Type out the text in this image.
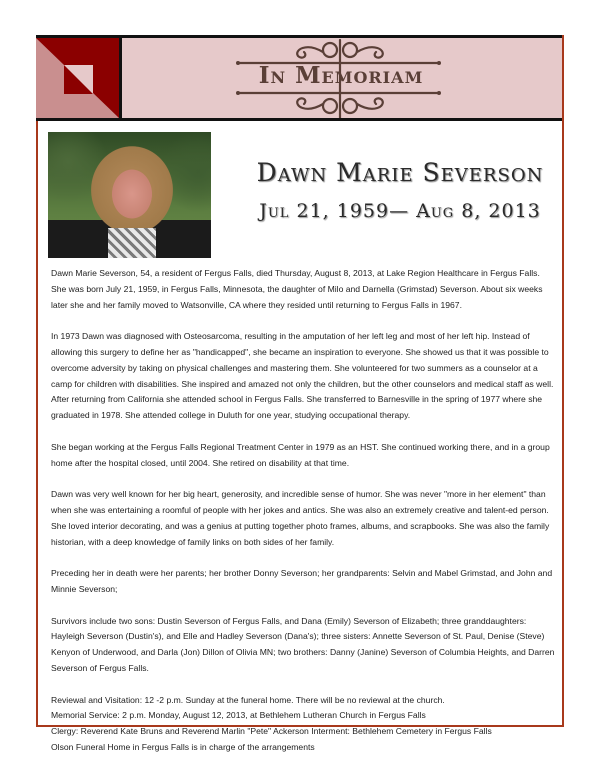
In Memoriam
Dawn Marie Severson
Jul 21, 1959— Aug 8, 2013

Dawn Marie Severson, 54, a resident of Fergus Falls, died Thursday, August 8, 2013, at Lake Region Healthcare in Fergus Falls. She was born July 21, 1959, in Fergus Falls, Minnesota, the daughter of Milo and Darnella (Grimstad) Severson. About six weeks later she and her family moved to Watsonville, CA where they resided until returning to Fergus Falls in 1967.

In 1973 Dawn was diagnosed with Osteosarcoma, resulting in the amputation of her left leg and most of her left hip. Instead of allowing this surgery to define her as "handicapped", she became an inspiration to everyone. She showed us that it was possible to overcome adversity by taking on physical challenges and mastering them. She volunteered for two summers as a counselor at a camp for children with disabilities. She inspired and amazed not only the children, but the other counselors and medical staff as well. After returning from California she attended school in Fergus Falls. She transferred to Barnesville in the spring of 1977 where she graduated in 1978. She attended college in Duluth for one year, studying occupational therapy.

She began working at the Fergus Falls Regional Treatment Center in 1979 as an HST. She continued working there, and in a group home after the hospital closed, until 2004. She retired on disability at that time.

Dawn was very well known for her big heart, generosity, and incredible sense of humor. She was never "more in her element" than when she was entertaining a roomful of people with her jokes and antics. She was also an extremely creative and talent-ed person. She loved interior decorating, and was a genius at putting together photo frames, albums, and scrapbooks. She was also the family historian, with a deep knowledge of family links on both sides of her family.

Preceding her in death were her parents; her brother Donny Severson; her grandparents: Selvin and Mabel Grimstad, and John and Minnie Severson;

Survivors include two sons: Dustin Severson of Fergus Falls, and Dana (Emily) Severson of Elizabeth; three granddaughters: Hayleigh Severson (Dustin's), and Elle and Hadley Severson (Dana's); three sisters: Annette Severson of St. Paul, Denise (Steve) Kenyon of Underwood, and Darla (Jon) Dillon of Olivia MN; two brothers: Danny (Janine) Severson of Columbia Heights, and Darren Severson of Fergus Falls.

Reviewal and Visitation: 12 -2 p.m. Sunday at the funeral home. There will be no reviewal at the church.
Memorial Service: 2 p.m. Monday, August 12, 2013, at Bethlehem Lutheran Church in Fergus Falls
Clergy: Reverend Kate Bruns and Reverend Marlin "Pete" Ackerson Interment: Bethlehem Cemetery in Fergus Falls
Olson Funeral Home in Fergus Falls is in charge of the arrangements
